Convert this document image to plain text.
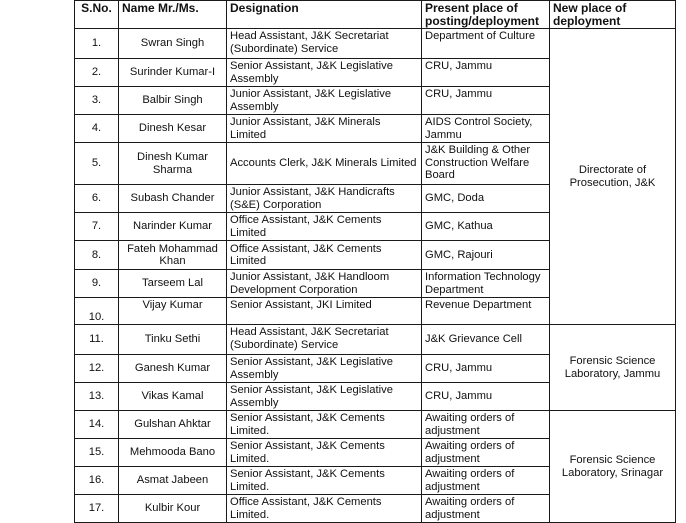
S.No.	Name Mr./Ms.	Designation	Present place of posting/deployment	New place of deployment
1.	Swran Singh	Head Assistant, J&K Secretariat (Subordinate) Service	Department of Culture	Directorate of Prosecution, J&K
2.	Surinder Kumar-I	Senior Assistant, J&K Legislative Assembly	CRU, Jammu	
3.	Balbir Singh	Junior Assistant, J&K Legislative Assembly	CRU, Jammu	
4.	Dinesh Kesar	Junior Assistant, J&K Minerals Limited	AIDS Control Society, Jammu	
5.	Dinesh Kumar Sharma	Accounts Clerk, J&K Minerals Limited	J&K Building & Other Construction Welfare Board	
6.	Subash Chander	Junior Assistant, J&K Handicrafts (S&E) Corporation	GMC, Doda	
7.	Narinder Kumar	Office Assistant, J&K Cements Limited	GMC, Kathua	
8.	Fateh Mohammad Khan	Office Assistant, J&K Cements Limited	GMC, Rajouri	
9.	Tarseem Lal	Junior Assistant, J&K Handloom Development Corporation	Information Technology Department	
10.	Vijay Kumar	Senior Assistant, JKI Limited	Revenue Department	
11.	Tinku Sethi	Head Assistant, J&K Secretariat (Subordinate) Service	J&K Grievance Cell	Forensic Science Laboratory, Jammu
12.	Ganesh Kumar	Senior Assistant, J&K Legislative Assembly	CRU, Jammu	
13.	Vikas Kamal	Senior Assistant, J&K Legislative Assembly	CRU, Jammu	
14.	Gulshan Ahktar	Senior Assistant, J&K Cements Limited.	Awaiting orders of adjustment	Forensic Science Laboratory, Srinagar
15.	Mehmooda Bano	Senior Assistant, J&K Cements Limited.	Awaiting orders of adjustment	
16.	Asmat Jabeen	Senior Assistant, J&K Cements Limited.	Awaiting orders of adjustment	
17.	Kulbir Kour	Office Assistant, J&K Cements Limited.	Awaiting orders of adjustment	
